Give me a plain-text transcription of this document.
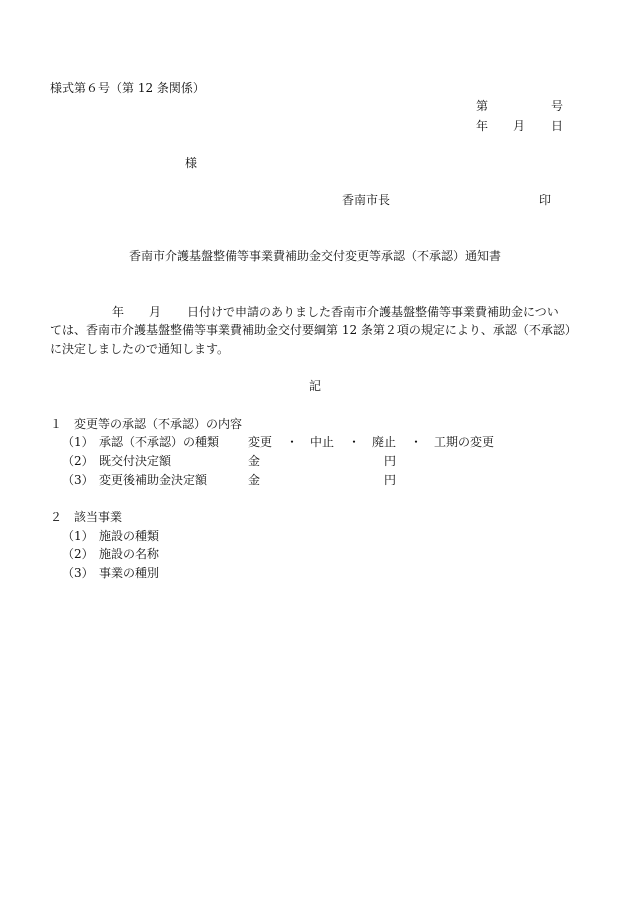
様式第６号（第 12 条関係）
第	号
年 月 日
様
香南市長	印
香南市介護基盤整備等事業費補助金交付変更等承認（不承認）通知書
年 月 日付けで申請のありました香南市介護基盤整備等事業費補助金につい
ては、香南市介護基盤整備等事業費補助金交付要綱第 12 条第２項の規定により、承認（不承認）
に決定しましたので通知します。
記
１　変更等の承認（不承認）の内容
（1） 承認（不承認）の種類 変更 ・ 中止 ・ 廃止 ・ 工期の変更
（2） 既交付決定額	金	円
（3） 変更後補助金決定額	金	円
２　該当事業
（1） 施設の種類
（2） 施設の名称
（3） 事業の種別
